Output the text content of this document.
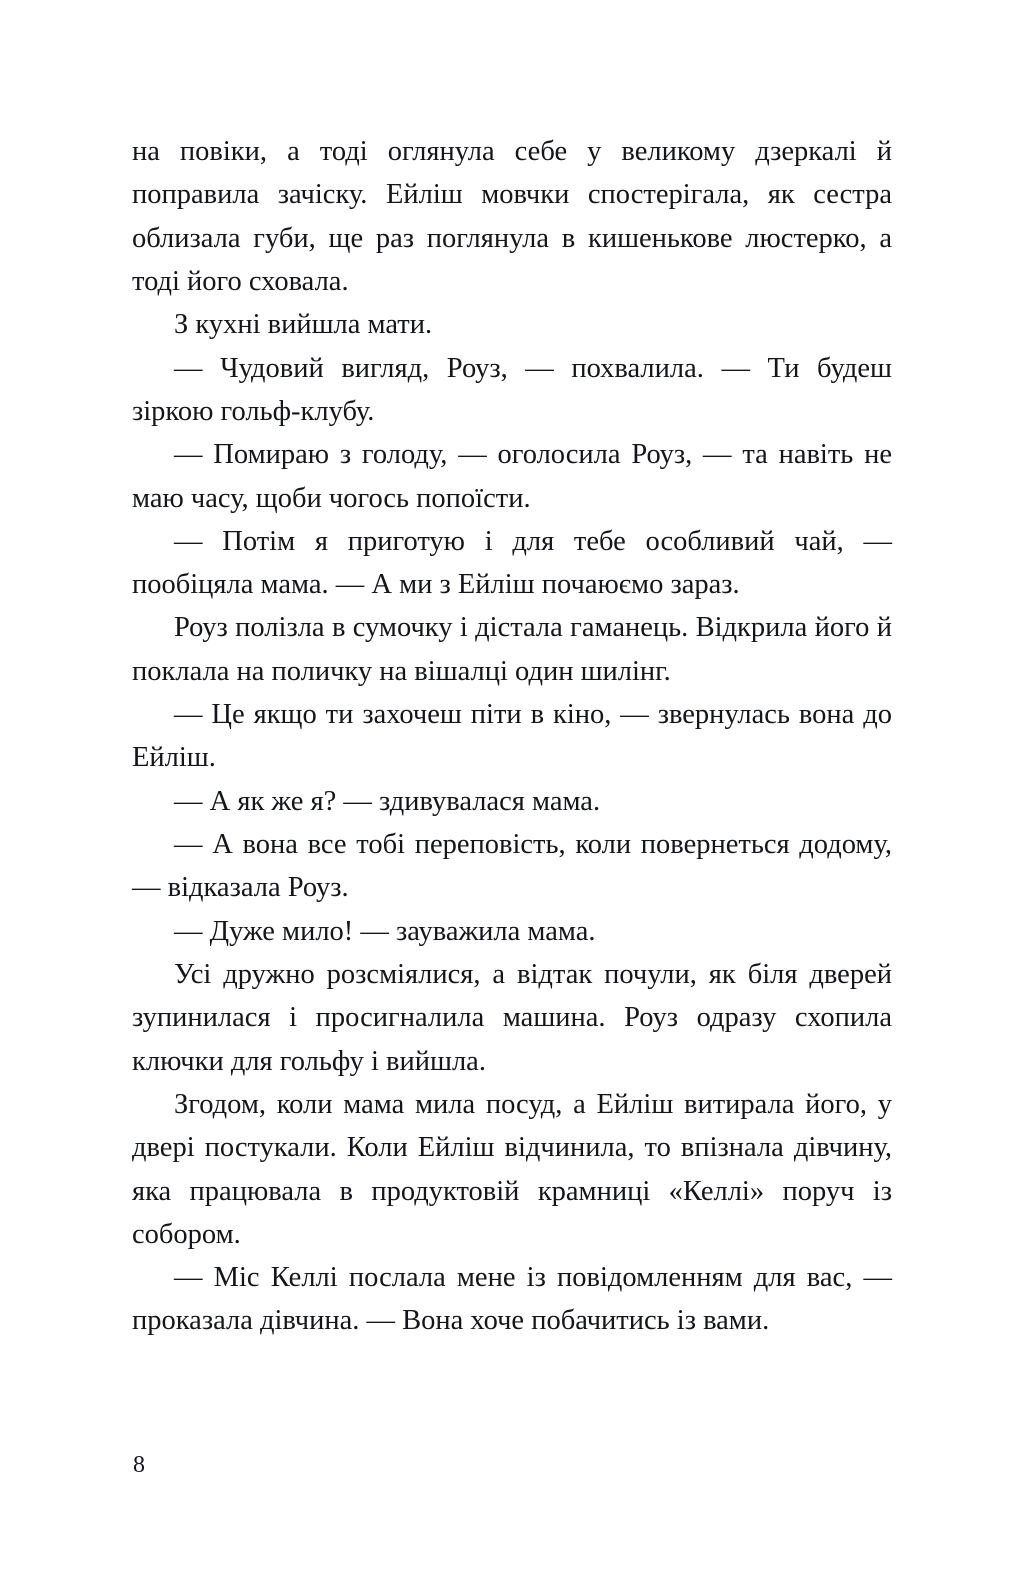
на повіки, а тоді оглянула себе у великому дзеркалі й поправила зачіску. Ейліш мовчки спостерігала, як сестра облизала губи, ще раз поглянула в кишенькове люстерко, а тоді його сховала.

З кухні вийшла мати.

— Чудовий вигляд, Роуз, — похвалила. — Ти будеш зіркою гольф-клубу.

— Помираю з голоду, — оголосила Роуз, — та навіть не маю часу, щоби чогось попоїсти.

— Потім я приготую і для тебе особливий чай, — пообіцяла мама. — А ми з Ейліш почаюємо зараз.

Роуз полізла в сумочку і дістала гаманець. Відкрила його й поклала на поличку на вішалці один шилінг.

— Це якщо ти захочеш піти в кіно, — звернулась вона до Ейліш.

— А як же я? — здивувалася мама.

— А вона все тобі переповість, коли повернеться додому, — відказала Роуз.

— Дуже мило! — зауважила мама.

Усі дружно розсміялися, а відтак почули, як біля дверей зупинилася і просигналила машина. Роуз одразу схопила ключки для гольфу і вийшла.

Згодом, коли мама мила посуд, а Ейліш витирала його, у двері постукали. Коли Ейліш відчинила, то впізнала дівчину, яка працювала в продуктовій крамниці «Келлі» поруч із собором.

— Міс Келлі послала мене із повідомленням для вас, — проказала дівчина. — Вона хоче побачитись із вами.

8
